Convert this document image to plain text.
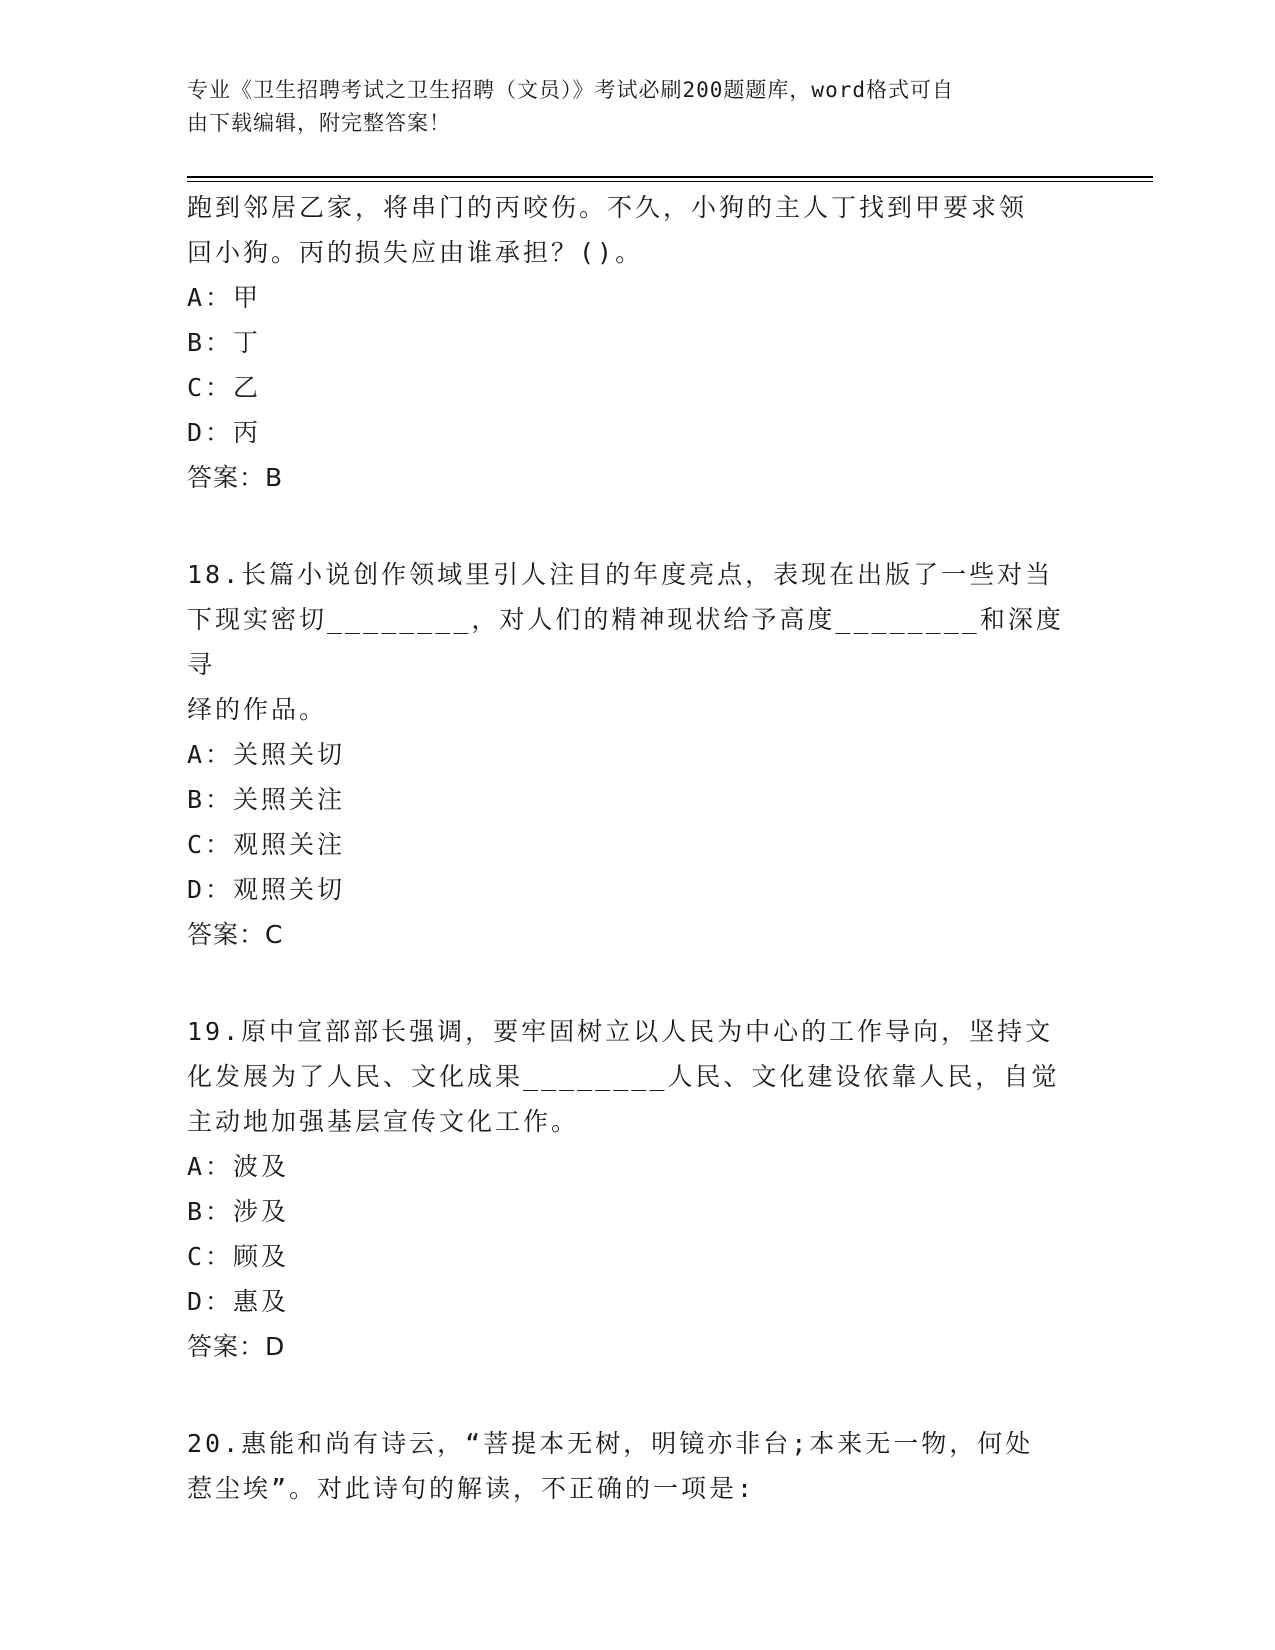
专业《卫生招聘考试之卫生招聘（文员）》考试必刷200题题库，word格式可自
由下载编辑，附完整答案！

跑到邻居乙家，将串门的丙咬伤。不久，小狗的主人丁找到甲要求领

回小狗。丙的损失应由谁承担？()。

A：甲

B：丁

C：乙

D：丙

答案：B

18.长篇小说创作领域里引人注目的年度亮点，表现在出版了一些对当

下现实密切________，对人们的精神现状给予高度________和深度寻

绎的作品。

A：关照关切

B：关照关注

C：观照关注

D：观照关切

答案：C

19.原中宣部部长强调，要牢固树立以人民为中心的工作导向，坚持文

化发展为了人民、文化成果________人民、文化建设依靠人民，自觉

主动地加强基层宣传文化工作。

A：波及

B：涉及

C：顾及

D：惠及

答案：D

20.惠能和尚有诗云，“菩提本无树，明镜亦非台;本来无一物，何处

惹尘埃”。对此诗句的解读，不正确的一项是:
